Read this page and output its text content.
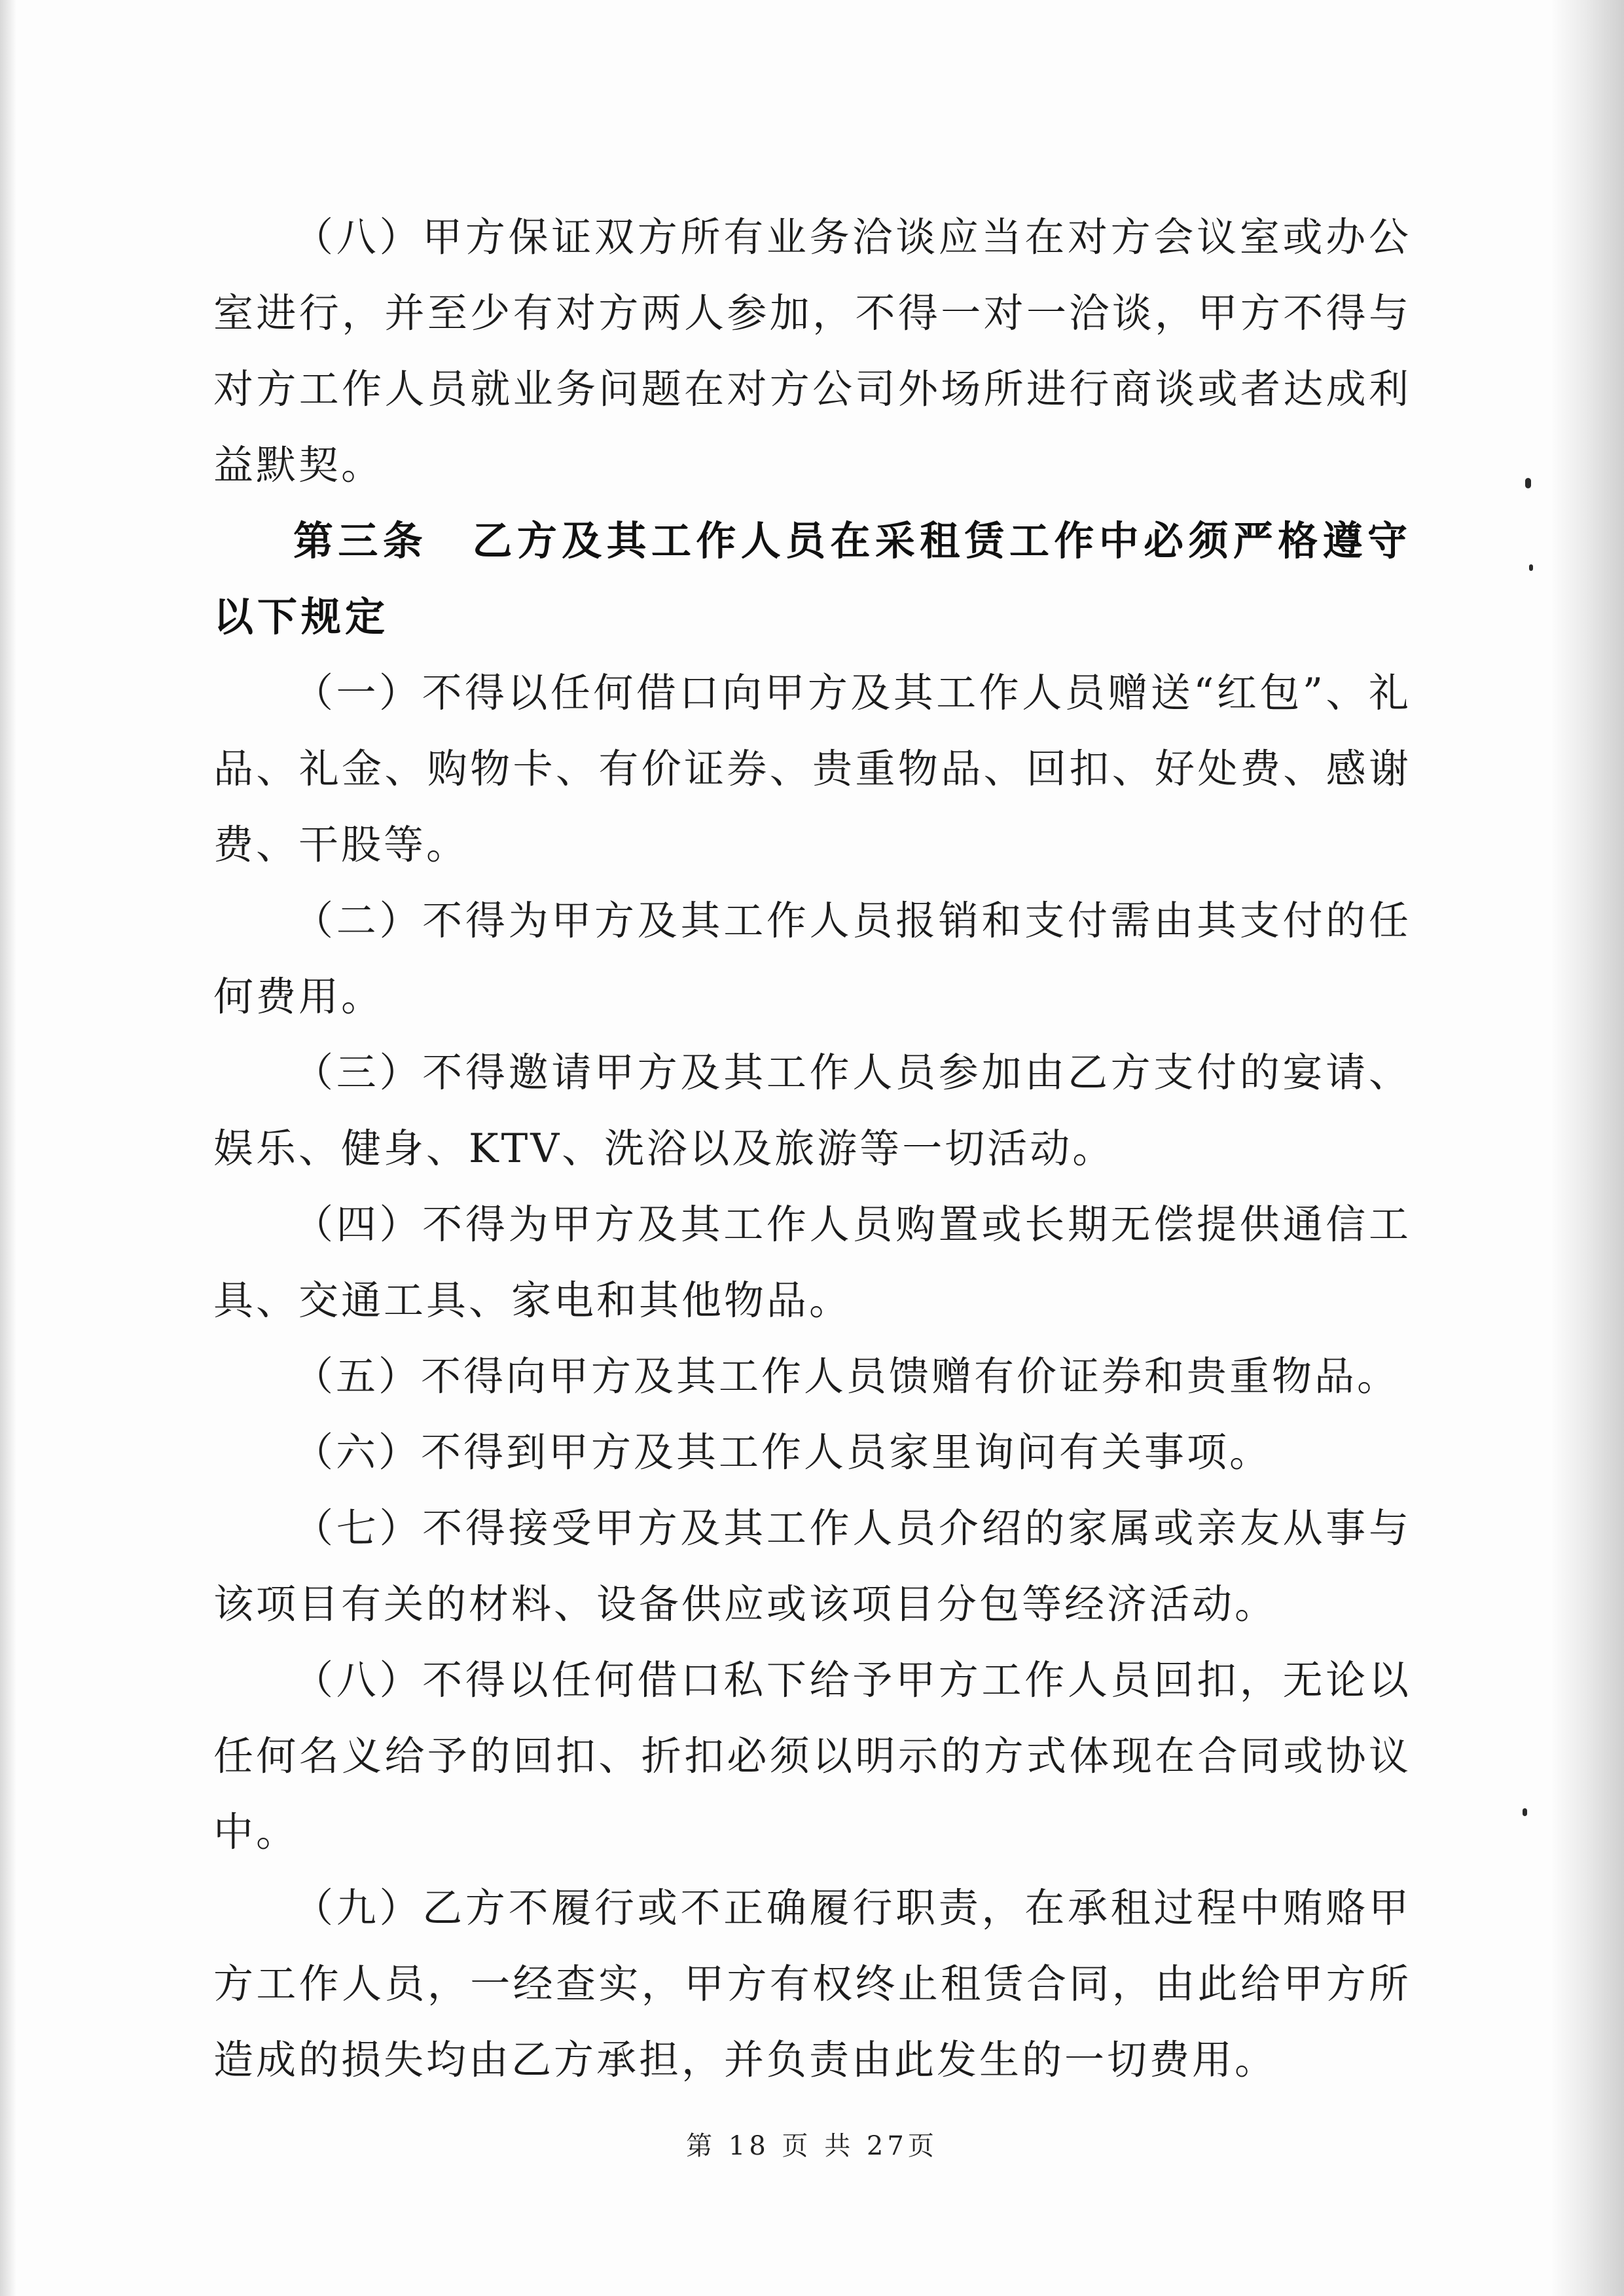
（八）甲方保证双方所有业务洽谈应当在对方会议室或办公室进行，并至少有对方两人参加，不得一对一洽谈，甲方不得与对方工作人员就业务问题在对方公司外场所进行商谈或者达成利益默契。

第三条　乙方及其工作人员在采租赁工作中必须严格遵守以下规定

（一）不得以任何借口向甲方及其工作人员赠送“红包”、礼品、礼金、购物卡、有价证券、贵重物品、回扣、好处费、感谢费、干股等。

（二）不得为甲方及其工作人员报销和支付需由其支付的任何费用。

（三）不得邀请甲方及其工作人员参加由乙方支付的宴请、娱乐、健身、KTV、洗浴以及旅游等一切活动。

（四）不得为甲方及其工作人员购置或长期无偿提供通信工具、交通工具、家电和其他物品。

（五）不得向甲方及其工作人员馈赠有价证券和贵重物品。

（六）不得到甲方及其工作人员家里询问有关事项。

（七）不得接受甲方及其工作人员介绍的家属或亲友从事与该项目有关的材料、设备供应或该项目分包等经济活动。

（八）不得以任何借口私下给予甲方工作人员回扣，无论以任何名义给予的回扣、折扣必须以明示的方式体现在合同或协议中。

（九）乙方不履行或不正确履行职责，在承租过程中贿赂甲方工作人员，一经查实，甲方有权终止租赁合同，由此给甲方所造成的损失均由乙方承担，并负责由此发生的一切费用。

第 18 页 共 27页
